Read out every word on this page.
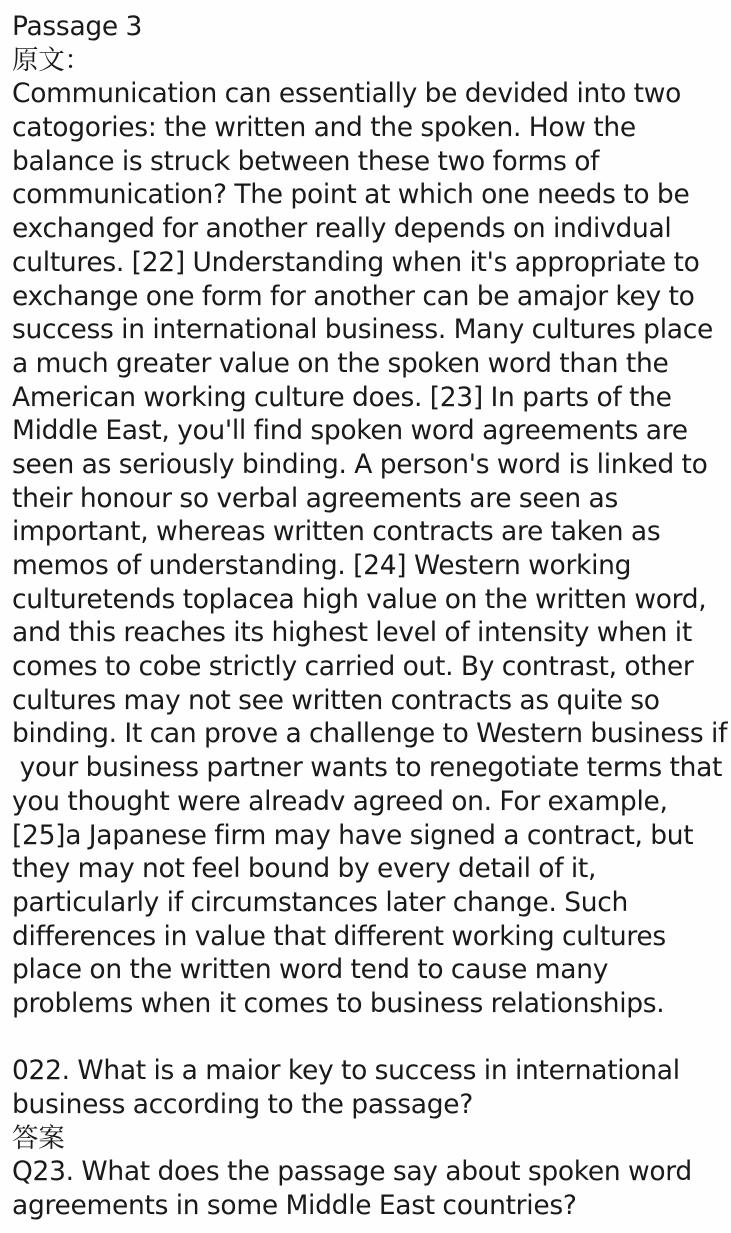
Passage 3
原文：
Communication can essentially be devided into two
catogories: the written and the spoken. How the
balance is struck between these two forms of
communication? The point at which one needs to be
exchanged for another really depends on indivdual
cultures. [22] Understanding when it's appropriate to
exchange one form for another can be amajor key to
success in international business. Many cultures place
a much greater value on the spoken word than the
American working culture does. [23] In parts of the
Middle East, you'll find spoken word agreements are
seen as seriously binding. A person's word is linked to
their honour so verbal agreements are seen as
important, whereas written contracts are taken as
memos of understanding. [24] Western working
culturetends toplacea high value on the written word,
and this reaches its highest level of intensity when it
comes to cobe strictly carried out. By contrast, other
cultures may not see written contracts as quite so
binding. It can prove a challenge to Western business if
your business partner wants to renegotiate terms that
you thought were alreadv agreed on. For example,
[25]a Japanese firm may have signed a contract, but
they may not feel bound by every detail of it,
particularly if circumstances later change. Such
differences in value that different working cultures
place on the written word tend to cause many
problems when it comes to business relationships.
022. What is a maior key to success in international
business according to the passage?
答案
Q23. What does the passage say about spoken word
agreements in some Middle East countries?
